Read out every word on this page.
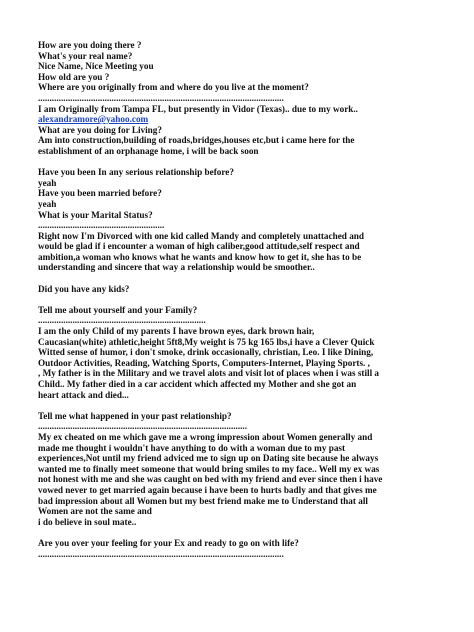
How are you doing there ?
What's your real name?
Nice Name, Nice Meeting you
How old are you ?
Where are you originally from and where do you live at the moment?
...........................................................................................................
I am Originally from Tampa FL, but presently in Vidor (Texas).. due to my work..
alexandramore@yahoo.com
What are you doing for Living?
Am into construction,building of roads,bridges,houses etc,but i came here for the
establishment of an orphanage home, i will be back soon
Have you been In any serious relationship before?
yeah
Have you been married before?
yeah
What is your Marital Status?
.......................................................
Right now I'm Divorced with one kid called Mandy and completely unattached and
would be glad if i encounter a woman of high caliber,good attitude,self respect and
ambition,a woman who knows what he wants and know how to get it, she has to be
understanding and sincere that way a relationship would be smoother..
Did you have any kids?
Tell me about yourself and your Family?
.........................................................................
I am the only Child of my parents I have brown eyes, dark brown hair,
Caucasian(white) athletic,height 5ft8,My weight is 75 kg 165 lbs,i have a Clever Quick
Witted sense of humor, i don't smoke, drink occasionally, christian, Leo. I like Dining,
Outdoor Activities, Reading, Watching Sports, Computers-Internet, Playing Sports. ,
, My father is in the Military and we travel alots and visit lot of places when i was still a
Child.. My father died in a car accident which affected my Mother and she got an
heart attack and died...
Tell me what happened in your past relationship?
...........................................................................................
My ex cheated on me which gave me a wrong impression about Women generally and
made me thought i wouldn't have anything to do with a woman due to my past
experiences,Not until my friend adviced me to sign up on Dating site because he always
wanted me to finally meet someone that would bring smiles to my face.. Well my ex was
not honest with me and she was caught on bed with my friend and ever since then i have
vowed never to get married again because i have been to hurts badly and that gives me
bad impression about all Women but my best friend make me to Understand that all
Women are not the same and
i do believe in soul mate..
Are you over your feeling for your Ex and ready to go on with life?
...........................................................................................................
